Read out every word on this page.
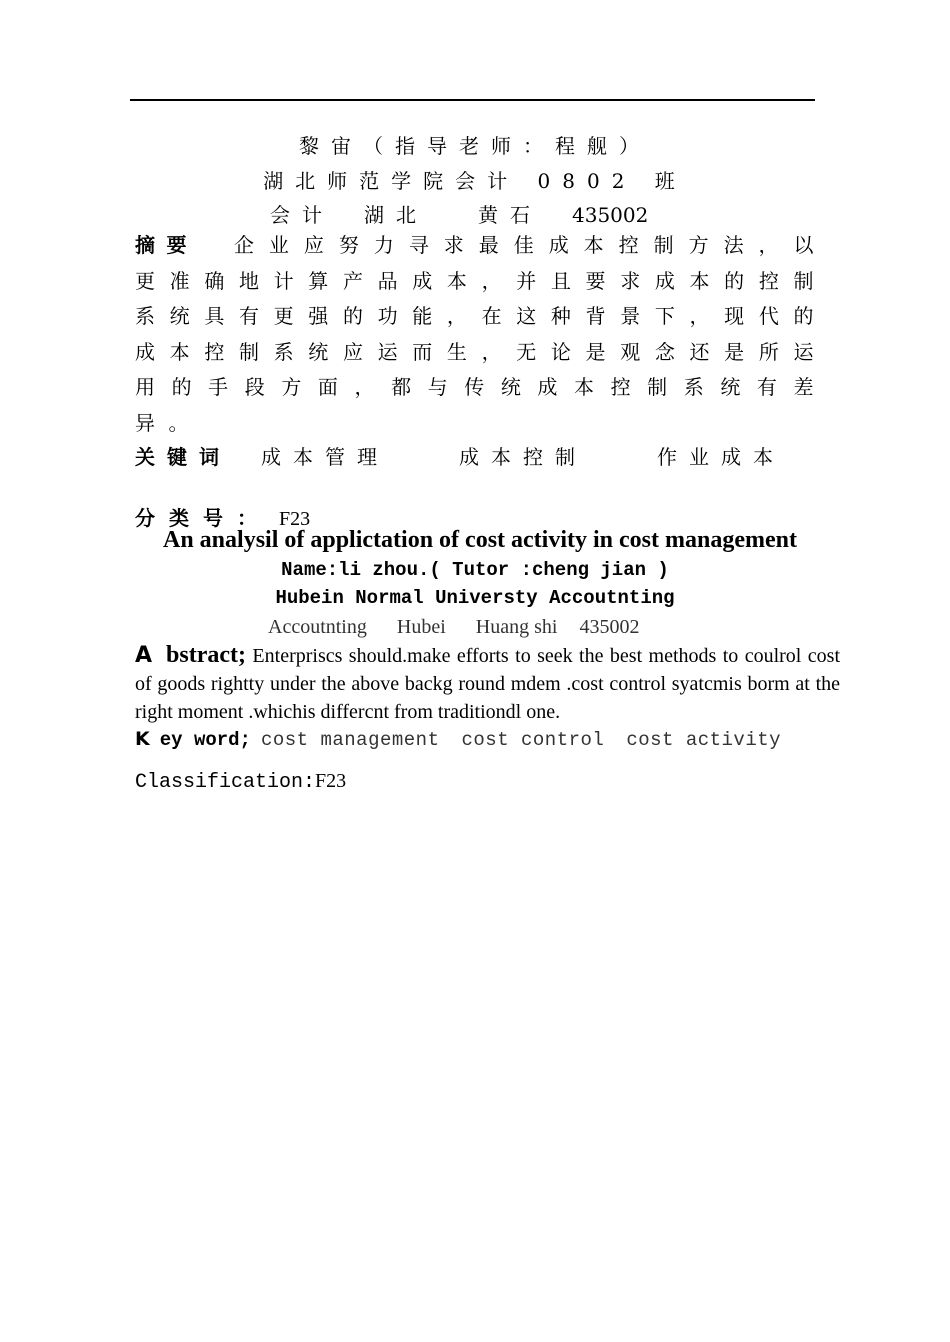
黎宙（指导老师：程舰）
湖北师范学院会计 0802 班
会计 湖北	黄石 435002
摘要 企业应努力寻求最佳成本控制方法，以更准确地计算产品成本，并且要求成本的控制系统具有更强的功能，在这种背景下，现代的成本控制系统应运而生，无论是观念还是所运用的手段方面，都与传统成本控制系统有差异。
关键词 成本管理	成本控制	作业成本
分类号： F23
An analysil of applictation of cost activity in cost management
Name:li zhou.( Tutor :cheng jian )
Hubein Normal Universty Accoutnting
Accoutnting Hubei Huang shi 435002
A bstract; Enterpriscs should.make efforts to seek the best methods to coulrol cost of goods rightty under the above backg round mdem .cost control syatcmis borm at the right moment .whichis differcnt from traditiondl one.
K ey word; cost management cost control cost activity
Classification:F23
